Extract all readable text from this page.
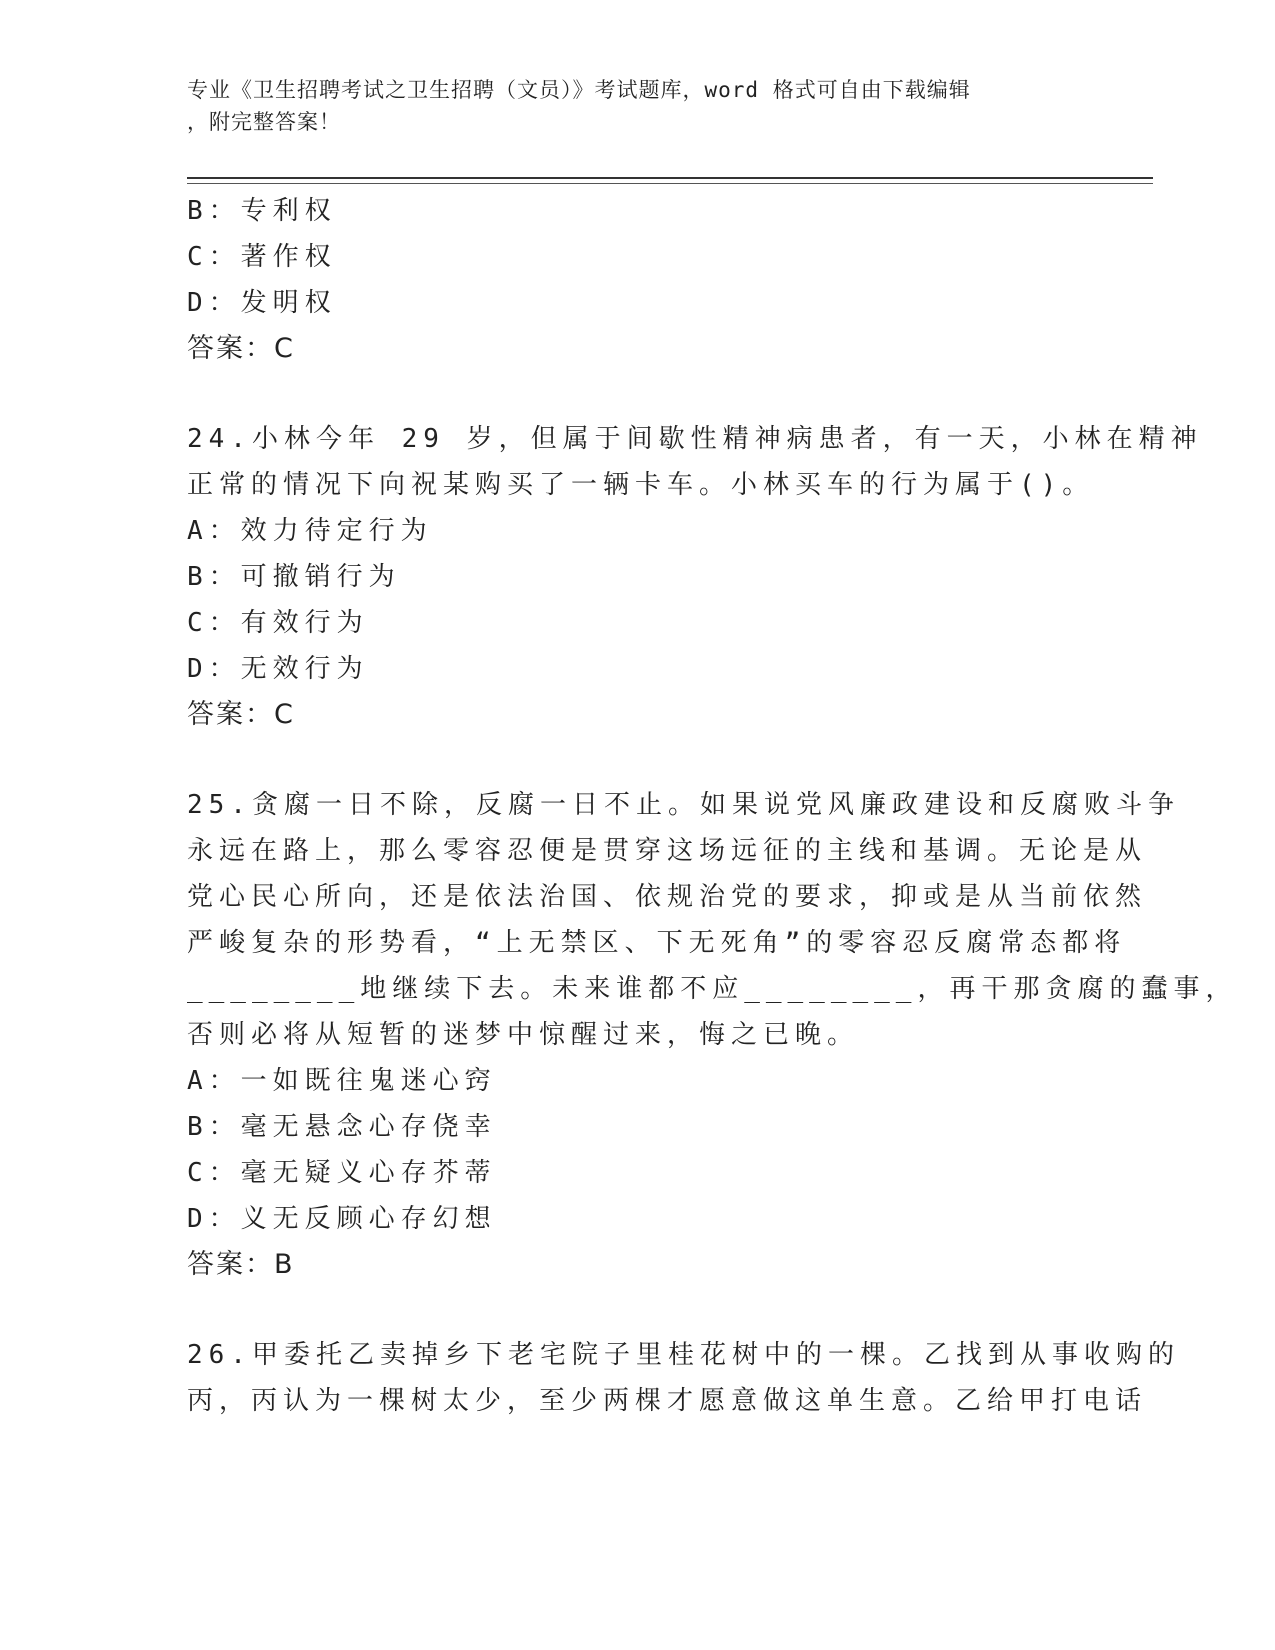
专业《卫生招聘考试之卫生招聘（文员）》考试题库，word 格式可自由下载编辑
，附完整答案！
B：专利权
C：著作权
D：发明权
答案：C
24.小林今年 29 岁，但属于间歇性精神病患者，有一天，小林在精神
正常的情况下向祝某购买了一辆卡车。小林买车的行为属于()。
A：效力待定行为
B：可撤销行为
C：有效行为
D：无效行为
答案：C
25.贪腐一日不除，反腐一日不止。如果说党风廉政建设和反腐败斗争
永远在路上，那么零容忍便是贯穿这场远征的主线和基调。无论是从
党心民心所向，还是依法治国、依规治党的要求，抑或是从当前依然
严峻复杂的形势看，“上无禁区、下无死角”的零容忍反腐常态都将
________地继续下去。未来谁都不应________，再干那贪腐的蠢事，
否则必将从短暂的迷梦中惊醒过来，悔之已晚。
A：一如既往鬼迷心窍
B：毫无悬念心存侥幸
C：毫无疑义心存芥蒂
D：义无反顾心存幻想
答案：B
26.甲委托乙卖掉乡下老宅院子里桂花树中的一棵。乙找到从事收购的
丙，丙认为一棵树太少，至少两棵才愿意做这单生意。乙给甲打电话
